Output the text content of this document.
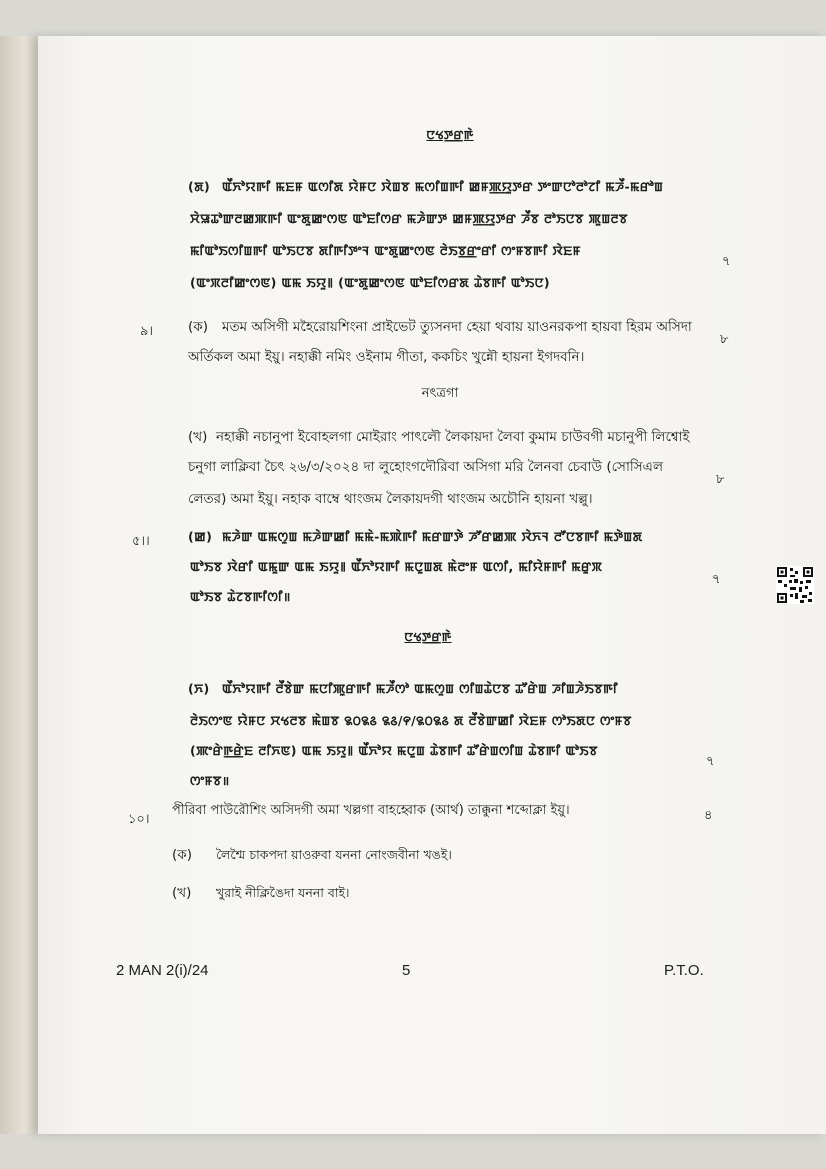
ꯅꯠꯇ꯭ꯔꯒꯥ
(ꯗ) ꯑꯩꯈꯣꯌꯒꯤ ꯃꯐꯝ ꯑꯁꯤꯗ ꯌꯥꯝꯅ ꯋꯥꯡꯕ ꯃꯁꯤꯡꯒꯤ ꯀꯝꯄ꯭ꯌꯨꯇꯔ ꯇꯦꯛꯅꯣꯂꯣꯖꯤ ꯃꯍꯩ-ꯃꯔꯣꯡ
ꯆꯥꯎꯊꯣꯛꯂꯀꯄꯒꯤ ꯑꯦꯗꯨꯀꯦꯁꯟ ꯑꯣꯐꯤꯁꯔ ꯃꯍꯥꯛꯇ ꯀꯝꯄ꯭ꯌꯨꯇꯔ ꯍꯩꯕ ꯂꯣꯏꯅꯕ ꯄꯨꯡꯂꯕ
ꯃꯤꯑꯣꯏꯁꯤꯡꯒꯤ ꯑꯣꯏꯅꯕ ꯗꯤꯒꯤꯇꯦꯜ ꯑꯦꯗꯨꯀꯦꯁꯟ ꯂꯥꯏꯕ꯭ꯔꯦꯔꯤ ꯁꯦꯝꯕꯒꯤ ꯋꯥꯐꯝ
(ꯑꯦꯞꯂꯤꯀꯦꯁꯟ) ꯑꯃ ꯏꯌꯨ꯫ (ꯑꯦꯗꯨꯀꯦꯁꯟ ꯑꯣꯐꯤꯁꯔꯗ ꯊꯥꯕꯒꯤ ꯑꯣꯏꯅ)
৭
৯।	(ক) মতম অসিগী মহৈরোয়শিংনা প্রাইভেট ত্যুসনদা হেয়া থবায় য়াওনরকপা হায়বা হিরম অসিদা
অর্তিকল অমা ইয়ু। নহাক্কী নমিং ওইনাম গীতা, ককচিং খুন্নৌ হায়না ইগদবনি।
৮
নৎত্রগা
(খ) নহাক্কী নচানুপা ইবোহলগা মোইরাং পাৎলৌ লৈকায়দা লৈবা কুমাম চাউবগী মচানুপী লিশ্বোই
চনুগা লাক্লিবা চৈৎ ২৬/৩/২০২৪ দা লুহোংগদৌরিবা অসিগা মরি লৈনবা চেবাউ (সোসিএল
লেতর) অমা ইয়ু। নহাক বাম্বে থাংজম লৈকায়দগী থাংজম অচৌনি হায়না খল্লু।
৮
৫।।	(ꯀ) ꯃꯍꯥꯛ ꯑꯃꯁꯨꯡ ꯃꯍꯥꯛꯀꯤ ꯃꯃꯥ-ꯃꯄꯥꯒꯤ ꯃꯔꯛꯇꯥ ꯍꯧꯔꯀꯄ ꯋꯥꯈꯜ ꯂꯧꯅꯕꯒꯤ ꯃꯇꯥꯡꯗ
ꯑꯣꯏꯕ ꯋꯥꯔꯤ ꯑꯃꯨꯛ ꯑꯃ ꯏꯌꯨ꯫ ꯑꯩꯈꯣꯌꯒꯤ ꯃꯅꯨꯡꯗ ꯃꯥꯂꯦꯝ ꯑꯁꯤ, ꯃꯤꯌꯥꯝꯒꯤ ꯃꯔꯨꯞ
ꯑꯣꯏꯕ ꯊꯥꯖꯕꯒꯤꯁꯤ॥
৭
ꯅꯠꯇ꯭ꯔꯒꯥ
(ꯈ) ꯑꯩꯈꯣꯌꯒꯤ ꯂꯩꯕꯥꯛ ꯃꯅꯤꯄꯨꯔꯒꯤ ꯃꯍꯩꯁꯣ ꯑꯃꯁꯨꯡ ꯁꯤꯡꯊꯥꯅꯕ ꯊꯧꯔꯥꯡ ꯍꯤꯡꯍꯥꯏꯕꯒꯤ
ꯂꯥꯏꯁꯦꯟ ꯌꯥꯝꯅ ꯆꯠꯂꯕ ꯃꯥꯡꯕ ꯲꯰꯲꯴ ꯲꯴/꯵/꯲꯰꯲꯴ ꯗ ꯂꯩꯕꯥꯛꯀꯤ ꯋꯥꯐꯝ ꯁꯣꯏꯗꯅ ꯁꯦꯝꯕ
(ꯄꯦꯔꯥꯒ꯭ꯔꯥꯐ ꯂꯤꯈꯟ) ꯑꯃ ꯏꯌꯨ꯫ ꯑꯩꯈꯣꯌ ꯃꯅꯨꯡ ꯊꯥꯕꯒꯤ ꯊꯧꯔꯥꯡꯁꯤꯡ ꯊꯥꯕꯒꯤ ꯑꯣꯏꯕ
ꯁꯦꯝꯕ॥
৭
১০।
পীরিবা পাউরৌশিং অসিদগী অমা খল্লগা বাহহ্বোক (আর্থ) তাক্কুনা শব্দোক্লা ইয়ু।	৪
(ক) লৈশ্মৈ চাকপদা য়াওরুবা যননা নোংজবীনা খঙই।
(খ) খুরাই নীক্লিঙৈদা যননা বাই।
2 MAN 2(i)/24	5	P.T.O.
